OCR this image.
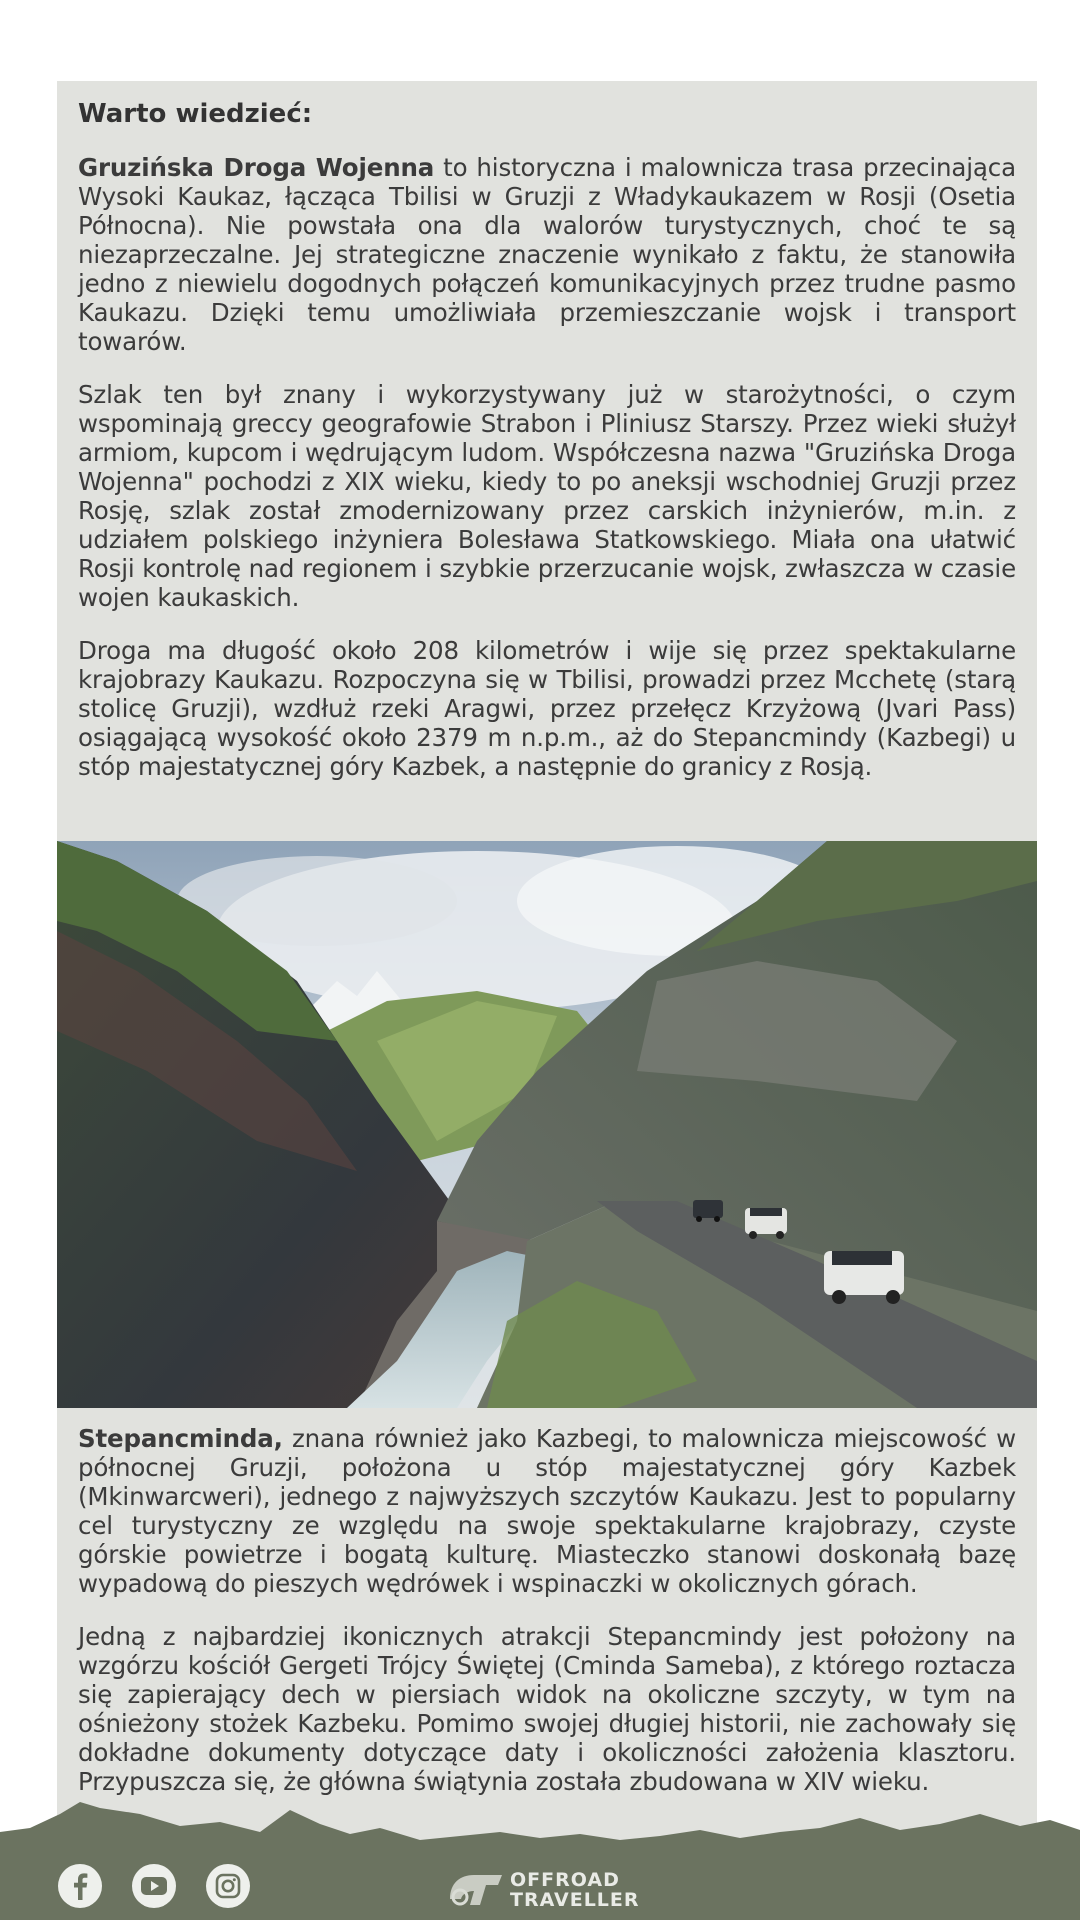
Warto wiedzieć:

Gruzińska Droga Wojenna to historyczna i malownicza trasa przecinająca Wysoki Kaukaz, łącząca Tbilisi w Gruzji z Władykaukazem w Rosji (Osetia Północna). Nie powstała ona dla walorów turystycznych, choć te są niezaprzeczalne. Jej strategiczne znaczenie wynikało z faktu, że stanowiła jedno z niewielu dogodnych połączeń komunikacyjnych przez trudne pasmo Kaukazu. Dzięki temu umożliwiała przemieszczanie wojsk i transport towarów.

Szlak ten był znany i wykorzystywany już w starożytności, o czym wspominają greccy geografowie Strabon i Pliniusz Starszy. Przez wieki służył armiom, kupcom i wędrującym ludom. Współczesna nazwa "Gruzińska Droga Wojenna" pochodzi z XIX wieku, kiedy to po aneksji wschodniej Gruzji przez Rosję, szlak został zmodernizowany przez carskich inżynierów, m.in. z udziałem polskiego inżyniera Bolesława Statkowskiego. Miała ona ułatwić Rosji kontrolę nad regionem i szybkie przerzucanie wojsk, zwłaszcza w czasie wojen kaukaskich.

Droga ma długość około 208 kilometrów i wije się przez spektakularne krajobrazy Kaukazu. Rozpoczyna się w Tbilisi, prowadzi przez Mcchetę (starą stolicę Gruzji), wzdłuż rzeki Aragwi, przez przełęcz Krzyżową (Jvari Pass) osiągającą wysokość około 2379 m n.p.m., aż do Stepancmindy (Kazbegi) u stóp majestatycznej góry Kazbek, a następnie do granicy z Rosją.

Stepancminda, znana również jako Kazbegi, to malownicza miejscowość w północnej Gruzji, położona u stóp majestatycznej góry Kazbek (Mkinwarcweri), jednego z najwyższych szczytów Kaukazu. Jest to popularny cel turystyczny ze względu na swoje spektakularne krajobrazy, czyste górskie powietrze i bogatą kulturę. Miasteczko stanowi doskonałą bazę wypadową do pieszych wędrówek i wspinaczki w okolicznych górach.

Jedną z najbardziej ikonicznych atrakcji Stepancmindy jest położony na wzgórzu kościół Gergeti Trójcy Świętej (Cminda Sameba), z którego roztacza się zapierający dech w piersiach widok na okoliczne szczyty, w tym na ośnieżony stożek Kazbeku. Pomimo swojej długiej historii, nie zachowały się dokładne dokumenty dotyczące daty i okoliczności założenia klasztoru. Przypuszcza się, że główna świątynia została zbudowana w XIV wieku.

OFFROAD
TRAVELLER
